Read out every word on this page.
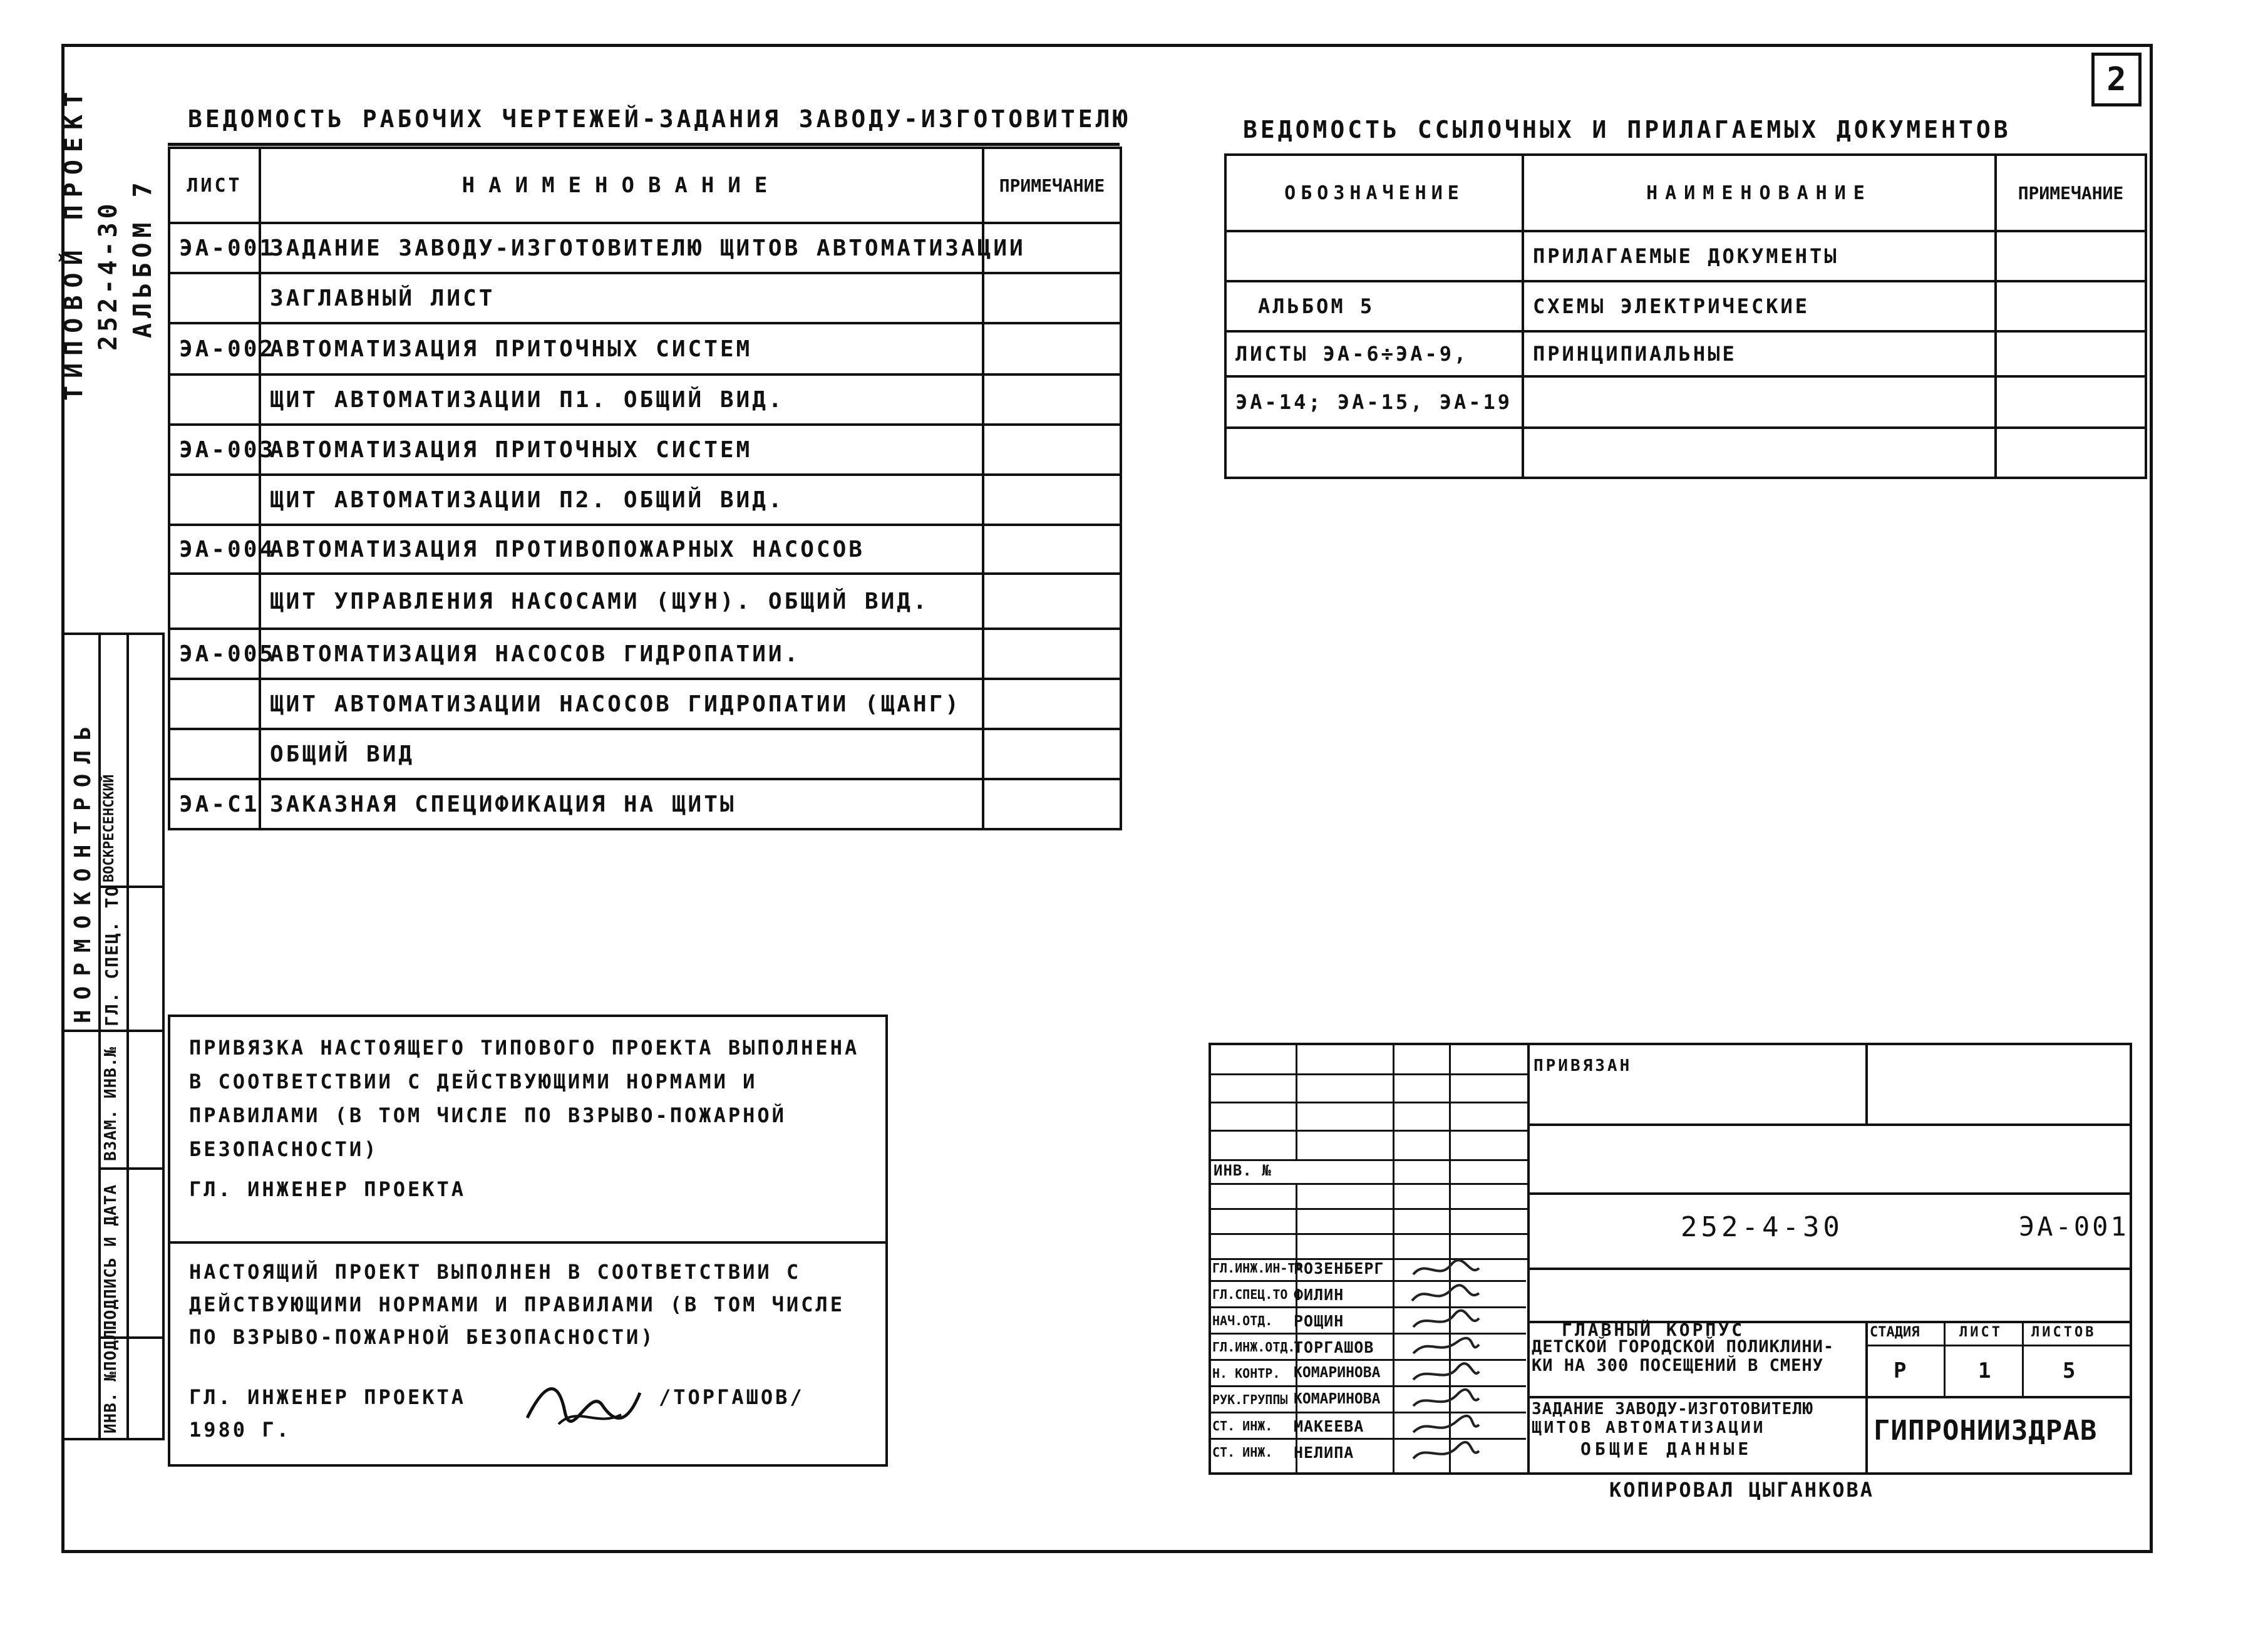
2
ТИПОВОЙ ПРОЕКТ 252-4-30 АЛЬБОМ 7
НОРМОКОНТРОЛЬ ГЛ. СПЕЦ. ТО
ВОСКРЕСЕНСКИЙ
ИНВ. №ПОДЛ.
ПОДПИСЬ И ДАТА
ВЗАМ. ИНВ.№
ВЕДОМОСТЬ РАБОЧИХ ЧЕРТЕЖЕЙ-ЗАДАНИЯ ЗАВОДУ-ИЗГОТОВИТЕЛЮ
ЛИСТ	НАИМЕНОВАНИЕ	ПРИМЕЧАНИЕ
ЭА-001	ЗАДАНИЕ ЗАВОДУ-ИЗГОТОВИТЕЛЮ ЩИТОВ АВТОМАТИЗАЦИИ	
	ЗАГЛАВНЫЙ ЛИСТ	
ЭА-002	АВТОМАТИЗАЦИЯ ПРИТОЧНЫХ СИСТЕМ	
	ЩИТ АВТОМАТИЗАЦИИ П1. ОБЩИЙ ВИД.	
ЭА-003	АВТОМАТИЗАЦИЯ ПРИТОЧНЫХ СИСТЕМ	
	ЩИТ АВТОМАТИЗАЦИИ П2. ОБЩИЙ ВИД.	
ЭА-004	АВТОМАТИЗАЦИЯ ПРОТИВОПОЖАРНЫХ НАСОСОВ	
	ЩИТ УПРАВЛЕНИЯ НАСОСАМИ (ЩУН). ОБЩИЙ ВИД.	
ЭА-005	АВТОМАТИЗАЦИЯ НАСОСОВ ГИДРОПАТИИ.	
	ЩИТ АВТОМАТИЗАЦИИ НАСОСОВ ГИДРОПАТИИ (ЩАНГ)	
	ОБЩИЙ ВИД	
ЭА-С1	ЗАКАЗНАЯ СПЕЦИФИКАЦИЯ НА ЩИТЫ	
ВЕДОМОСТЬ ССЫЛОЧНЫХ И ПРИЛАГАЕМЫХ ДОКУМЕНТОВ
ОБОЗНАЧЕНИЕ	НАИМЕНОВАНИЕ	ПРИМЕЧАНИЕ
	ПРИЛАГАЕМЫЕ ДОКУМЕНТЫ	
АЛЬБОМ 5	СХЕМЫ ЭЛЕКТРИЧЕСКИЕ	
ЛИСТЫ ЭА-6÷ЭА-9,	ПРИНЦИПИАЛЬНЫЕ	
ЭА-14; ЭА-15, ЭА-19		

ПРИВЯЗКА НАСТОЯЩЕГО ТИПОВОГО ПРОЕКТА ВЫПОЛНЕНА
В СООТВЕТСТВИИ С ДЕЙСТВУЮЩИМИ НОРМАМИ И
ПРАВИЛАМИ (В ТОМ ЧИСЛЕ ПО ВЗРЫВО-ПОЖАРНОЙ
БЕЗОПАСНОСТИ)
ГЛ. ИНЖЕНЕР ПРОЕКТА
НАСТОЯЩИЙ ПРОЕКТ ВЫПОЛНЕН В СООТВЕТСТВИИ С
ДЕЙСТВУЮЩИМИ НОРМАМИ И ПРАВИЛАМИ (В ТОМ ЧИСЛЕ
ПО ВЗРЫВО-ПОЖАРНОЙ БЕЗОПАСНОСТИ)
ГЛ. ИНЖЕНЕР ПРОЕКТА	/ТОРГАШОВ/
1980 Г.
ИНВ. №
ПРИВЯЗАН
252-4-30	ЭА-001
ГЛАВНЫЙ КОРПУС
ДЕТСКОЙ ГОРОДСКОЙ ПОЛИКЛИНИ-
КИ НА 300 ПОСЕЩЕНИЙ В СМЕНУ
СТАДИЯ	ЛИСТ ЛИСТОВ
Р	1	5
ЗАДАНИЕ ЗАВОДУ-ИЗГОТОВИТЕЛЮ
ЩИТОВ АВТОМАТИЗАЦИИ
ОБЩИЕ ДАННЫЕ
ГИПРОНИИЗДРАВ
ГЛ.ИНЖ.ИН-ТА
РОЗЕНБЕРГ
ГЛ.СПЕЦ.ТО ФИЛИН
НАЧ.ОТД. РОЩИН
ГЛ.ИНЖ.ОТД.
ТОРГАШОВ
Н. КОНТР. КОМАРИНОВА
РУК.ГРУППЫ КОМАРИНОВА
СТ. ИНЖ. МАКЕЕВА
СТ. ИНЖ. НЕЛИПА
КОПИРОВАЛ ЦЫГАНКОВА
